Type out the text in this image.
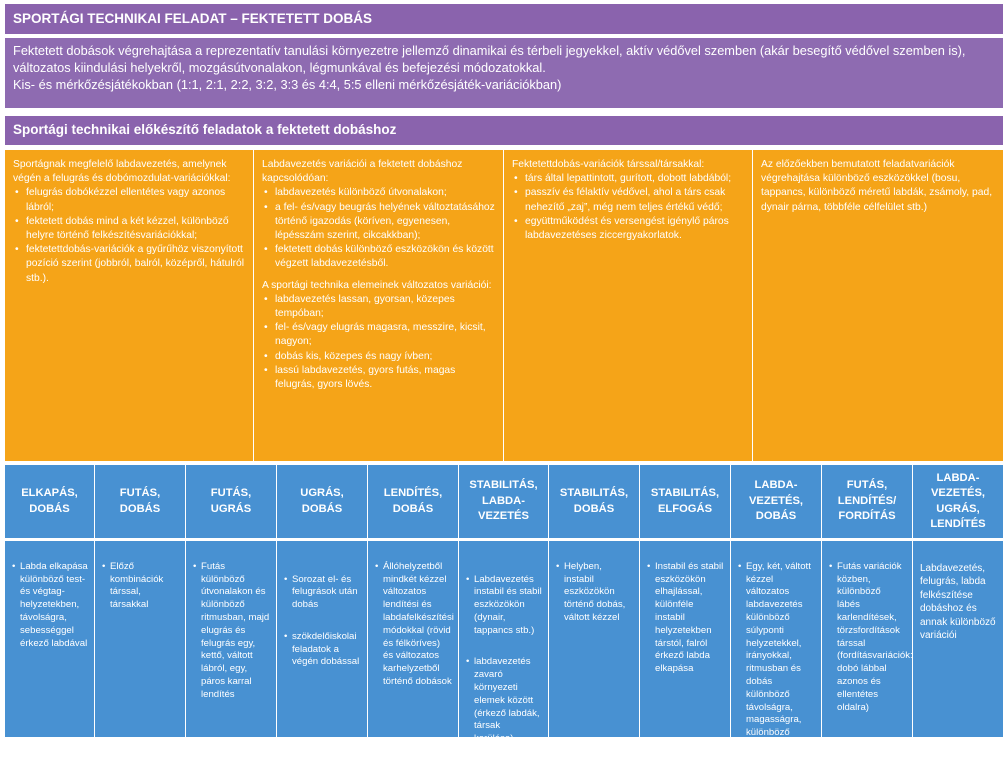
SPORTÁGI TECHNIKAI FELADAT – FEKTETETT DOBÁS
Fektetett dobások végrehajtása a reprezentatív tanulási környezetre jellemző dinamikai és térbeli jegyekkel, aktív védővel szemben (akár besegítő védővel szemben is), változatos kiindulási helyekről, mozgásútvonalakon, légmunkával és befejezési módozatokkal.
Kis- és mérkőzésjátékokban (1:1, 2:1, 2:2, 3:2, 3:3 és 4:4, 5:5 elleni mérkőzésjáték-variációkban)
Sportági technikai előkészítő feladatok a fektetett dobáshoz
Sportágnak megfelelő labdavezetés, amelynek végén a felugrás és dobómozdulat-variációkkal:
• felugrás dobókézzel ellentétes vagy azonos lábról;
• fektetett dobás mind a két kézzel, különböző helyre történő felkészítésvariációkkal;
• fektetettdobás-variációk a gyűrűhöz viszonyított pozíció szerint (jobbról, balról, középről, hátulról stb.).
Labdavezetés variációi a fektetett dobáshoz kapcsolódóan:
• labdavezetés különböző útvonalakon;
• a fel- és/vagy beugrás helyének változtatásához történő igazodás (köríven, egyenesen, lépésszám szerint, cikcakkban);
• fektetett dobás különböző eszközökön és között végzett labdavezetésből.
A sportági technika elemeinek változatos variációi:
• labdavezetés lassan, gyorsan, közepes tempóban;
• fel- és/vagy elugrás magasra, messzire, kicsit, nagyon;
• dobás kis, közepes és nagy ívben;
• lassú labdavezetés, gyors futás, magas felugrás, gyors lövés.
Fektetettdobás-variációk társsal/társakkal:
• társ által lepattintott, gurított, dobott labdából;
• passzív és félaktív védővel, ahol a társ csak nehezítő „zaj”, még nem teljes értékű védő;
• együttműködést és versengést igénylő páros labdavezetéses ziccergyakorlatok.
Az előzőekben bemutatott feladatvariációk végrehajtása különböző eszközökkel (bosu, tappancs, különböző méretű labdák, zsámoly, pad, dynair párna, többféle célfelület stb.)
ELKAPÁS,
DOBÁS
FUTÁS,
DOBÁS
FUTÁS,
UGRÁS
UGRÁS,
DOBÁS
LENDÍTÉS,
DOBÁS
STABILITÁS,
LABDA-
VEZETÉS
STABILITÁS,
DOBÁS
STABILITÁS,
ELFOGÁS
LABDA-
VEZETÉS,
DOBÁS
FUTÁS,
LENDÍTÉS/
FORDÍTÁS
LABDA-
VEZETÉS,
UGRÁS,
LENDÍTÉS

• Labda elkapása különböző test- és végtag-helyzetekben, távolságra, sebességgel érkező labdával

• Előző kombinációk társsal, társakkal

• Futás különböző útvonalakon és különböző ritmusban, majd elugrás és felugrás egy, kettő, váltott lábról, egy, páros karral lendítés

• Sorozat el- és felugrások után dobás

• szökdelőiskolai feladatok a végén dobással

• Állóhelyzetből mindkét kézzel változatos lendítési és labdafelkészítési módokkal (rövid és félköríves) és változatos karhelyzetből történő dobások

• Labdavezetés instabil és stabil eszközökön (dynair, tappancs stb.)

• labdavezetés zavaró környezeti elemek között (érkező labdák, társak kerülése)

• Helyben, instabil eszközökön történő dobás, váltott kézzel

• Instabil és stabil eszközökön elhajlással, különféle instabil helyzetekben társtól, falról érkező labda elkapása

• Egy, két, váltott kézzel változatos labdavezetés különböző súlyponti helyzetekkel, irányokkal, ritmusban és dobás különböző távolságra, magasságra, különböző célfelületekre

• Futás variációk közben, különböző lábés karlendítések, törzsfordítások társsal (fordításvariációk: dobó lábbal azonos és ellentétes oldalra)

Labdavezetés, felugrás, labda felkészítése dobáshoz és annak különböző variációi
